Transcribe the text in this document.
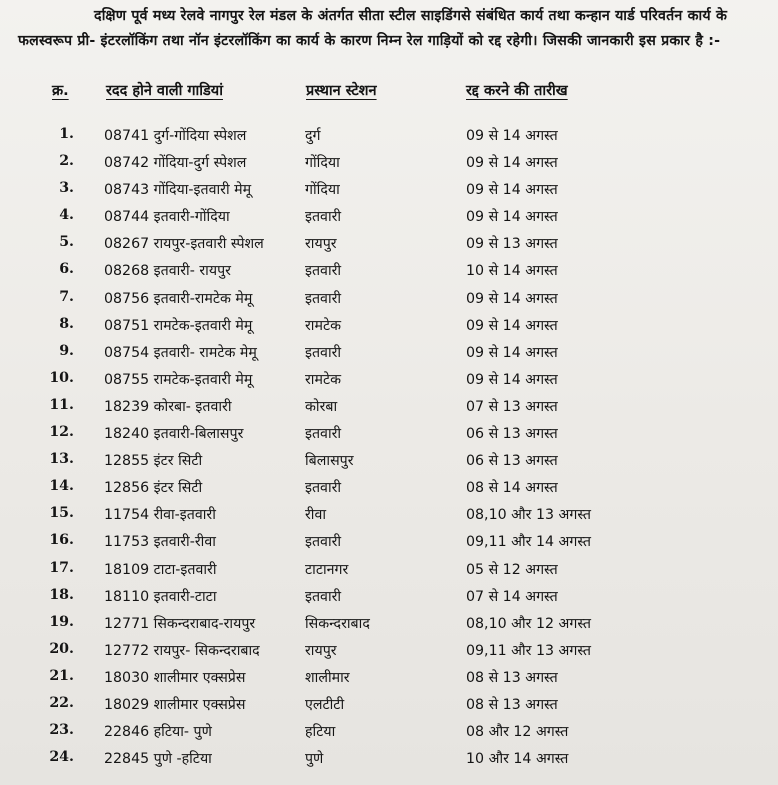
दक्षिण पूर्व मध्य रेलवे नागपुर रेल मंडल के अंतर्गत सीता स्टील साइडिंगसे संबंधित कार्य तथा कन्हान यार्ड परिवर्तन कार्य के फलस्वरूप प्री- इंटरलॉकिंग तथा नॉन इंटरलॉकिंग का कार्य के कारण निम्न रेल गाड़ियों को रद्द रहेगी। जिसकी जानकारी इस प्रकार है :-
क्र.	रदद होने वाली गाडियां	प्रस्थान स्टेशन	रद्द करने की तारीख
1. 08741 दुर्ग-गोंदिया स्पेशल	दुर्ग	09 से 14 अगस्त
2. 08742 गोंदिया-दुर्ग स्पेशल	गोंदिया	09 से 14 अगस्त
3. 08743 गोंदिया-इतवारी मेमू	गोंदिया	09 से 14 अगस्त
4. 08744 इतवारी-गोंदिया	इतवारी	09 से 14 अगस्त
5. 08267 रायपुर-इतवारी स्पेशल	रायपुर	09 से 13 अगस्त
6. 08268 इतवारी- रायपुर	इतवारी	10 से 14 अगस्त
7. 08756 इतवारी-रामटेक मेमू	इतवारी	09 से 14 अगस्त
8. 08751 रामटेक-इतवारी मेमू	रामटेक	09 से 14 अगस्त
9. 08754 इतवारी- रामटेक मेमू	इतवारी	09 से 14 अगस्त
10. 08755 रामटेक-इतवारी मेमू	रामटेक	09 से 14 अगस्त
11. 18239 कोरबा- इतवारी	कोरबा	07 से 13 अगस्त
12. 18240 इतवारी-बिलासपुर	इतवारी	06 से 13 अगस्त
13. 12855 इंटर सिटी	बिलासपुर	06 से 13 अगस्त
14. 12856 इंटर सिटी	इतवारी	08 से 14 अगस्त
15. 11754 रीवा-इतवारी	रीवा	08,10 और 13 अगस्त
16. 11753 इतवारी-रीवा	इतवारी	09,11 और 14 अगस्त
17. 18109 टाटा-इतवारी	टाटानगर	05 से 12 अगस्त
18. 18110 इतवारी-टाटा	इतवारी	07 से 14 अगस्त
19. 12771 सिकन्दराबाद-रायपुर	सिकन्दराबाद	08,10 और 12 अगस्त
20. 12772 रायपुर- सिकन्दराबाद	रायपुर	09,11 और 13 अगस्त
21. 18030 शालीमार एक्सप्रेस	शालीमार	08 से 13 अगस्त
22. 18029 शालीमार एक्सप्रेस	एलटीटी	08 से 13 अगस्त
23. 22846 हटिया- पुणे	हटिया	08 और 12 अगस्त
24. 22845 पुणे -हटिया	पुणे	10 और 14 अगस्त
